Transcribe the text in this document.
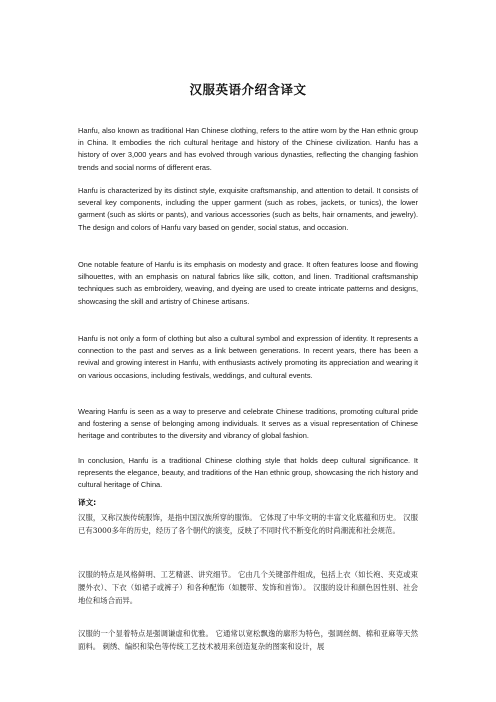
汉服英语介绍含译文

Hanfu, also known as traditional Han Chinese clothing, refers to the attire worn by the Han ethnic group in China. It embodies the rich cultural heritage and history of the Chinese civilization. Hanfu has a history of over 3,000 years and has evolved through various dynasties, reflecting the changing fashion trends and social norms of different eras.

Hanfu is characterized by its distinct style, exquisite craftsmanship, and attention to detail. It consists of several key components, including the upper garment (such as robes, jackets, or tunics), the lower garment (such as skirts or pants), and various accessories (such as belts, hair ornaments, and jewelry). The design and colors of Hanfu vary based on gender, social status, and occasion.

One notable feature of Hanfu is its emphasis on modesty and grace. It often features loose and flowing silhouettes, with an emphasis on natural fabrics like silk, cotton, and linen. Traditional craftsmanship techniques such as embroidery, weaving, and dyeing are used to create intricate patterns and designs, showcasing the skill and artistry of Chinese artisans.

Hanfu is not only a form of clothing but also a cultural symbol and expression of identity. It represents a connection to the past and serves as a link between generations. In recent years, there has been a revival and growing interest in Hanfu, with enthusiasts actively promoting its appreciation and wearing it on various occasions, including festivals, weddings, and cultural events.

Wearing Hanfu is seen as a way to preserve and celebrate Chinese traditions, promoting cultural pride and fostering a sense of belonging among individuals. It serves as a visual representation of Chinese heritage and contributes to the diversity and vibrancy of global fashion.

In conclusion, Hanfu is a traditional Chinese clothing style that holds deep cultural significance. It represents the elegance, beauty, and traditions of the Han ethnic group, showcasing the rich history and cultural heritage of China.

译文:

汉服，又称汉族传统服饰，是指中国汉族所穿的服饰。 它体现了中华文明的丰富文化底蕴和历史。 汉服已有3000多年的历史，经历了各个朝代的演变，反映了不同时代不断变化的时尚潮流和社会规范。

汉服的特点是风格鲜明、工艺精湛、讲究细节。 它由几个关键部件组成，包括上衣（如长袍、夹克或束腰外衣）、下衣（如裙子或裤子）和各种配饰（如腰带、发饰和首饰）。 汉服的设计和颜色因性别、社会地位和场合而异。

汉服的一个显着特点是强调谦虚和优雅。 它通常以宽松飘逸的廓形为特色，强调丝绸、棉和亚麻等天然面料。 刺绣、编织和染色等传统工艺技术被用来创造复杂的图案和设计，展
